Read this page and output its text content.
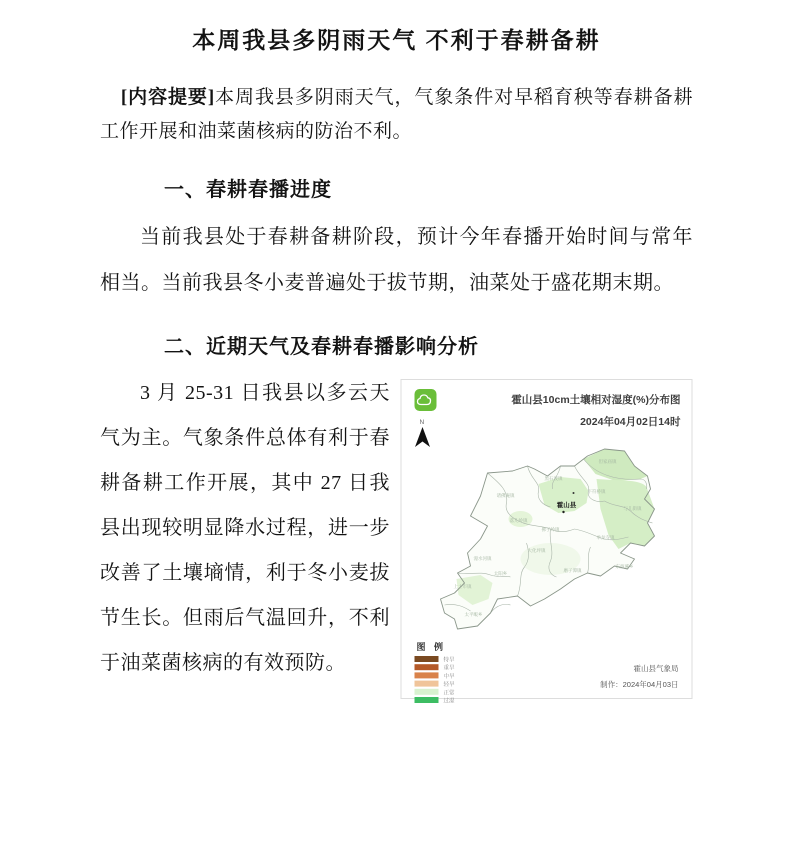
本周我县多阴雨天气 不利于春耕备耕

[内容提要]本周我县多阴雨天气，气象条件对早稻育秧等春耕备耕工作开展和油菜菌核病的防治不利。

一、春耕春播进度

当前我县处于春耕备耕阶段，预计今年春播开始时间与常年相当。当前我县冬小麦普遍处于拔节期，油菜处于盛花期末期。

二、近期天气及春耕春播影响分析
N
霍山县10cm土壤相对湿度(%)分布图
2024年04月02日14时
诸佛庵镇
黑石渡镇
但家庙镇
与儿街镇
下符桥镇
落儿岭镇
佛子岭镇
单龙寺镇
东西溪乡
磨子潭镇
大化坪镇
漫水河镇
上土市镇
太平畈乡
太阳乡
霍山县
图 例
特旱
重旱
中旱
轻旱
正常
过湿
霍山县气象局
制作：2024年04月03日

3 月 25-31 日我县以多云天气为主。气象条件总体有利于春耕备耕工作开展，其中 27 日我县出现较明显降水过程，进一步改善了土壤墒情，利于冬小麦拔节生长。但雨后气温回升，不利于油菜菌核病的有效预防。
